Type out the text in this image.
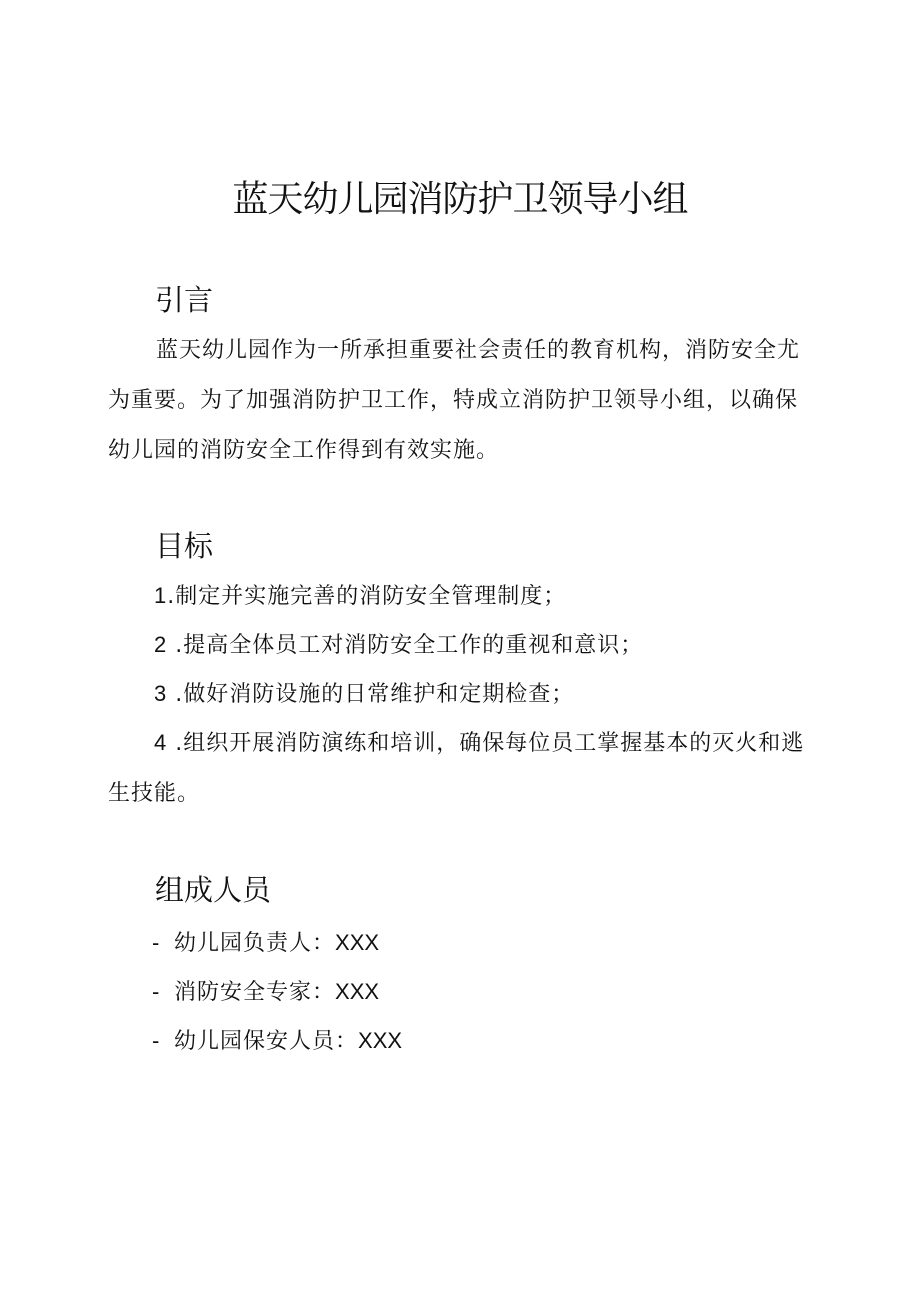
蓝天幼儿园消防护卫领导小组
引言

蓝天幼儿园作为一所承担重要社会责任的教育机构，消防安全尤为重要。为了加强消防护卫工作，特成立消防护卫领导小组，以确保幼儿园的消防安全工作得到有效实施。

目标

1.制定并实施完善的消防安全管理制度；

2 .提高全体员工对消防安全工作的重视和意识；

3 .做好消防设施的日常维护和定期检查；

4 .组织开展消防演练和培训，确保每位员工掌握基本的灭火和逃生技能。

组成人员

- 幼儿园负责人：XXX

- 消防安全专家：XXX

- 幼儿园保安人员：XXX
